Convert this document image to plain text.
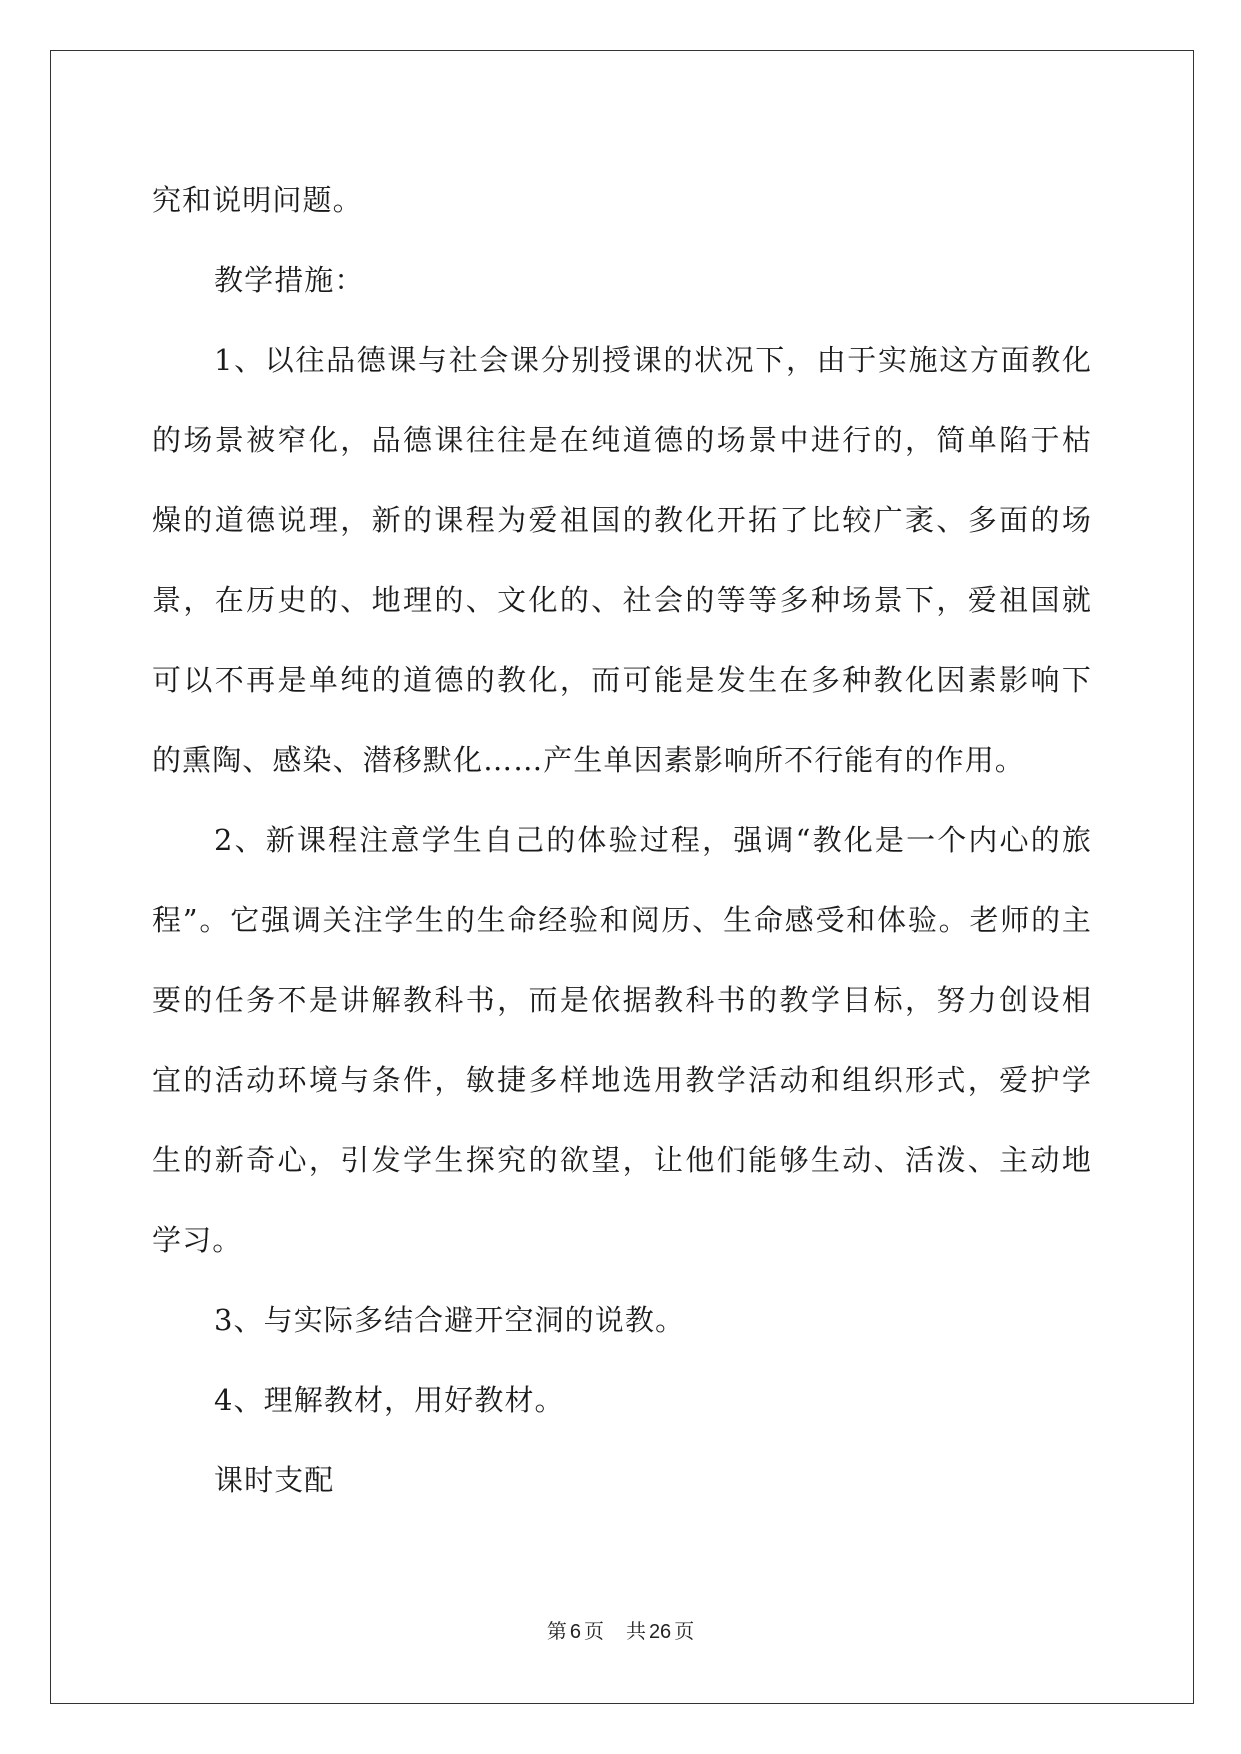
究和说明问题。
教学措施：
1、以往品德课与社会课分别授课的状况下，由于实施这方面教化
的场景被窄化，品德课往往是在纯道德的场景中进行的，简单陷于枯
燥的道德说理，新的课程为爱祖国的教化开拓了比较广袤、多面的场
景，在历史的、地理的、文化的、社会的等等多种场景下，爱祖国就
可以不再是单纯的道德的教化，而可能是发生在多种教化因素影响下
的熏陶、感染、潜移默化……产生单因素影响所不行能有的作用。
2、新课程注意学生自己的体验过程，强调“教化是一个内心的旅
程”。它强调关注学生的生命经验和阅历、生命感受和体验。老师的主
要的任务不是讲解教科书，而是依据教科书的教学目标，努力创设相
宜的活动环境与条件，敏捷多样地选用教学活动和组织形式，爱护学
生的新奇心，引发学生探究的欲望，让他们能够生动、活泼、主动地
学习。
3、与实际多结合避开空洞的说教。
4、理解教材，用好教材。
课时支配
第 6 页 共 26 页
